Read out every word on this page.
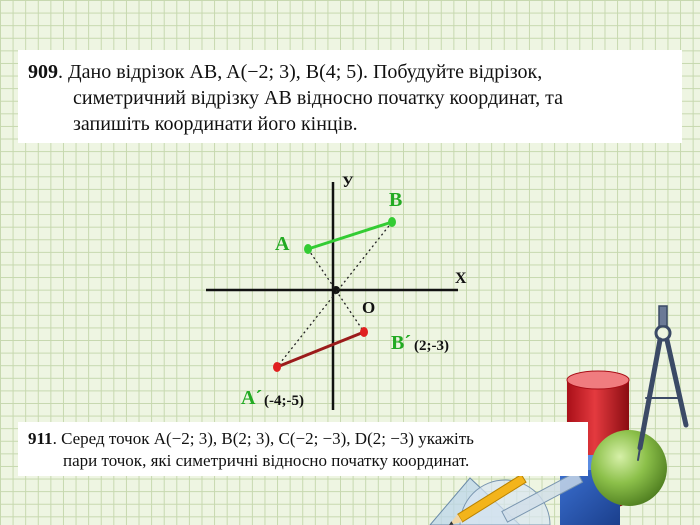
909. Дано відрізок AB, A(−2; 3), B(4; 5). Побудуйте відрізок,
симетричний відрізку AB відносно початку координат, та
запишіть координати його кінців.
У
Х
О
A
B
B´ (2;-3)
A´ (-4;-5)
911. Серед точок A(−2; 3), B(2; 3), C(−2; −3), D(2; −3) укажіть
пари точок, які симетричні відносно початку координат.
